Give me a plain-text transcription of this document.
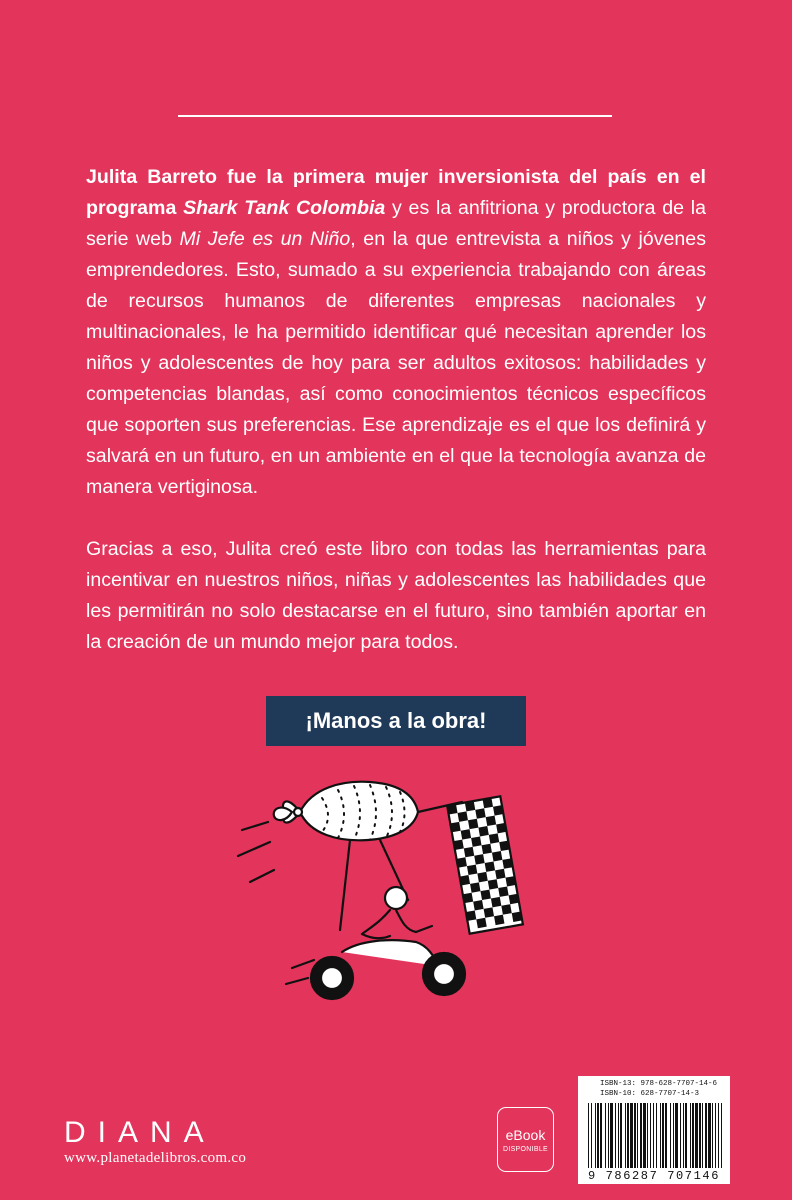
Julita Barreto fue la primera mujer inversionista del país en el programa Shark Tank Colombia y es la anfitriona y productora de la serie web Mi Jefe es un Niño, en la que entrevista a niños y jóvenes emprendedores. Esto, sumado a su experiencia trabajando con áreas de recursos humanos de diferentes empresas nacionales y multinacionales, le ha permitido identificar qué necesitan aprender los niños y adolescentes de hoy para ser adultos exitosos: habilidades y competencias blandas, así como conocimientos técnicos específicos que soporten sus preferencias. Ese aprendizaje es el que los definirá y salvará en un futuro, en un ambiente en el que la tecnología avanza de manera vertiginosa.

Gracias a eso, Julita creó este libro con todas las herramientas para incentivar en nuestros niños, niñas y adolescentes las habilidades que les permitirán no solo destacarse en el futuro, sino también aportar en la creación de un mundo mejor para todos.

¡Manos a la obra!
DIANA
www.planetadelibros.com.co
eBook
DISPONIBLE
ISBN-13: 978-628-7707-14-6
ISBN-10: 628-7707-14-3
9 786287 707146
